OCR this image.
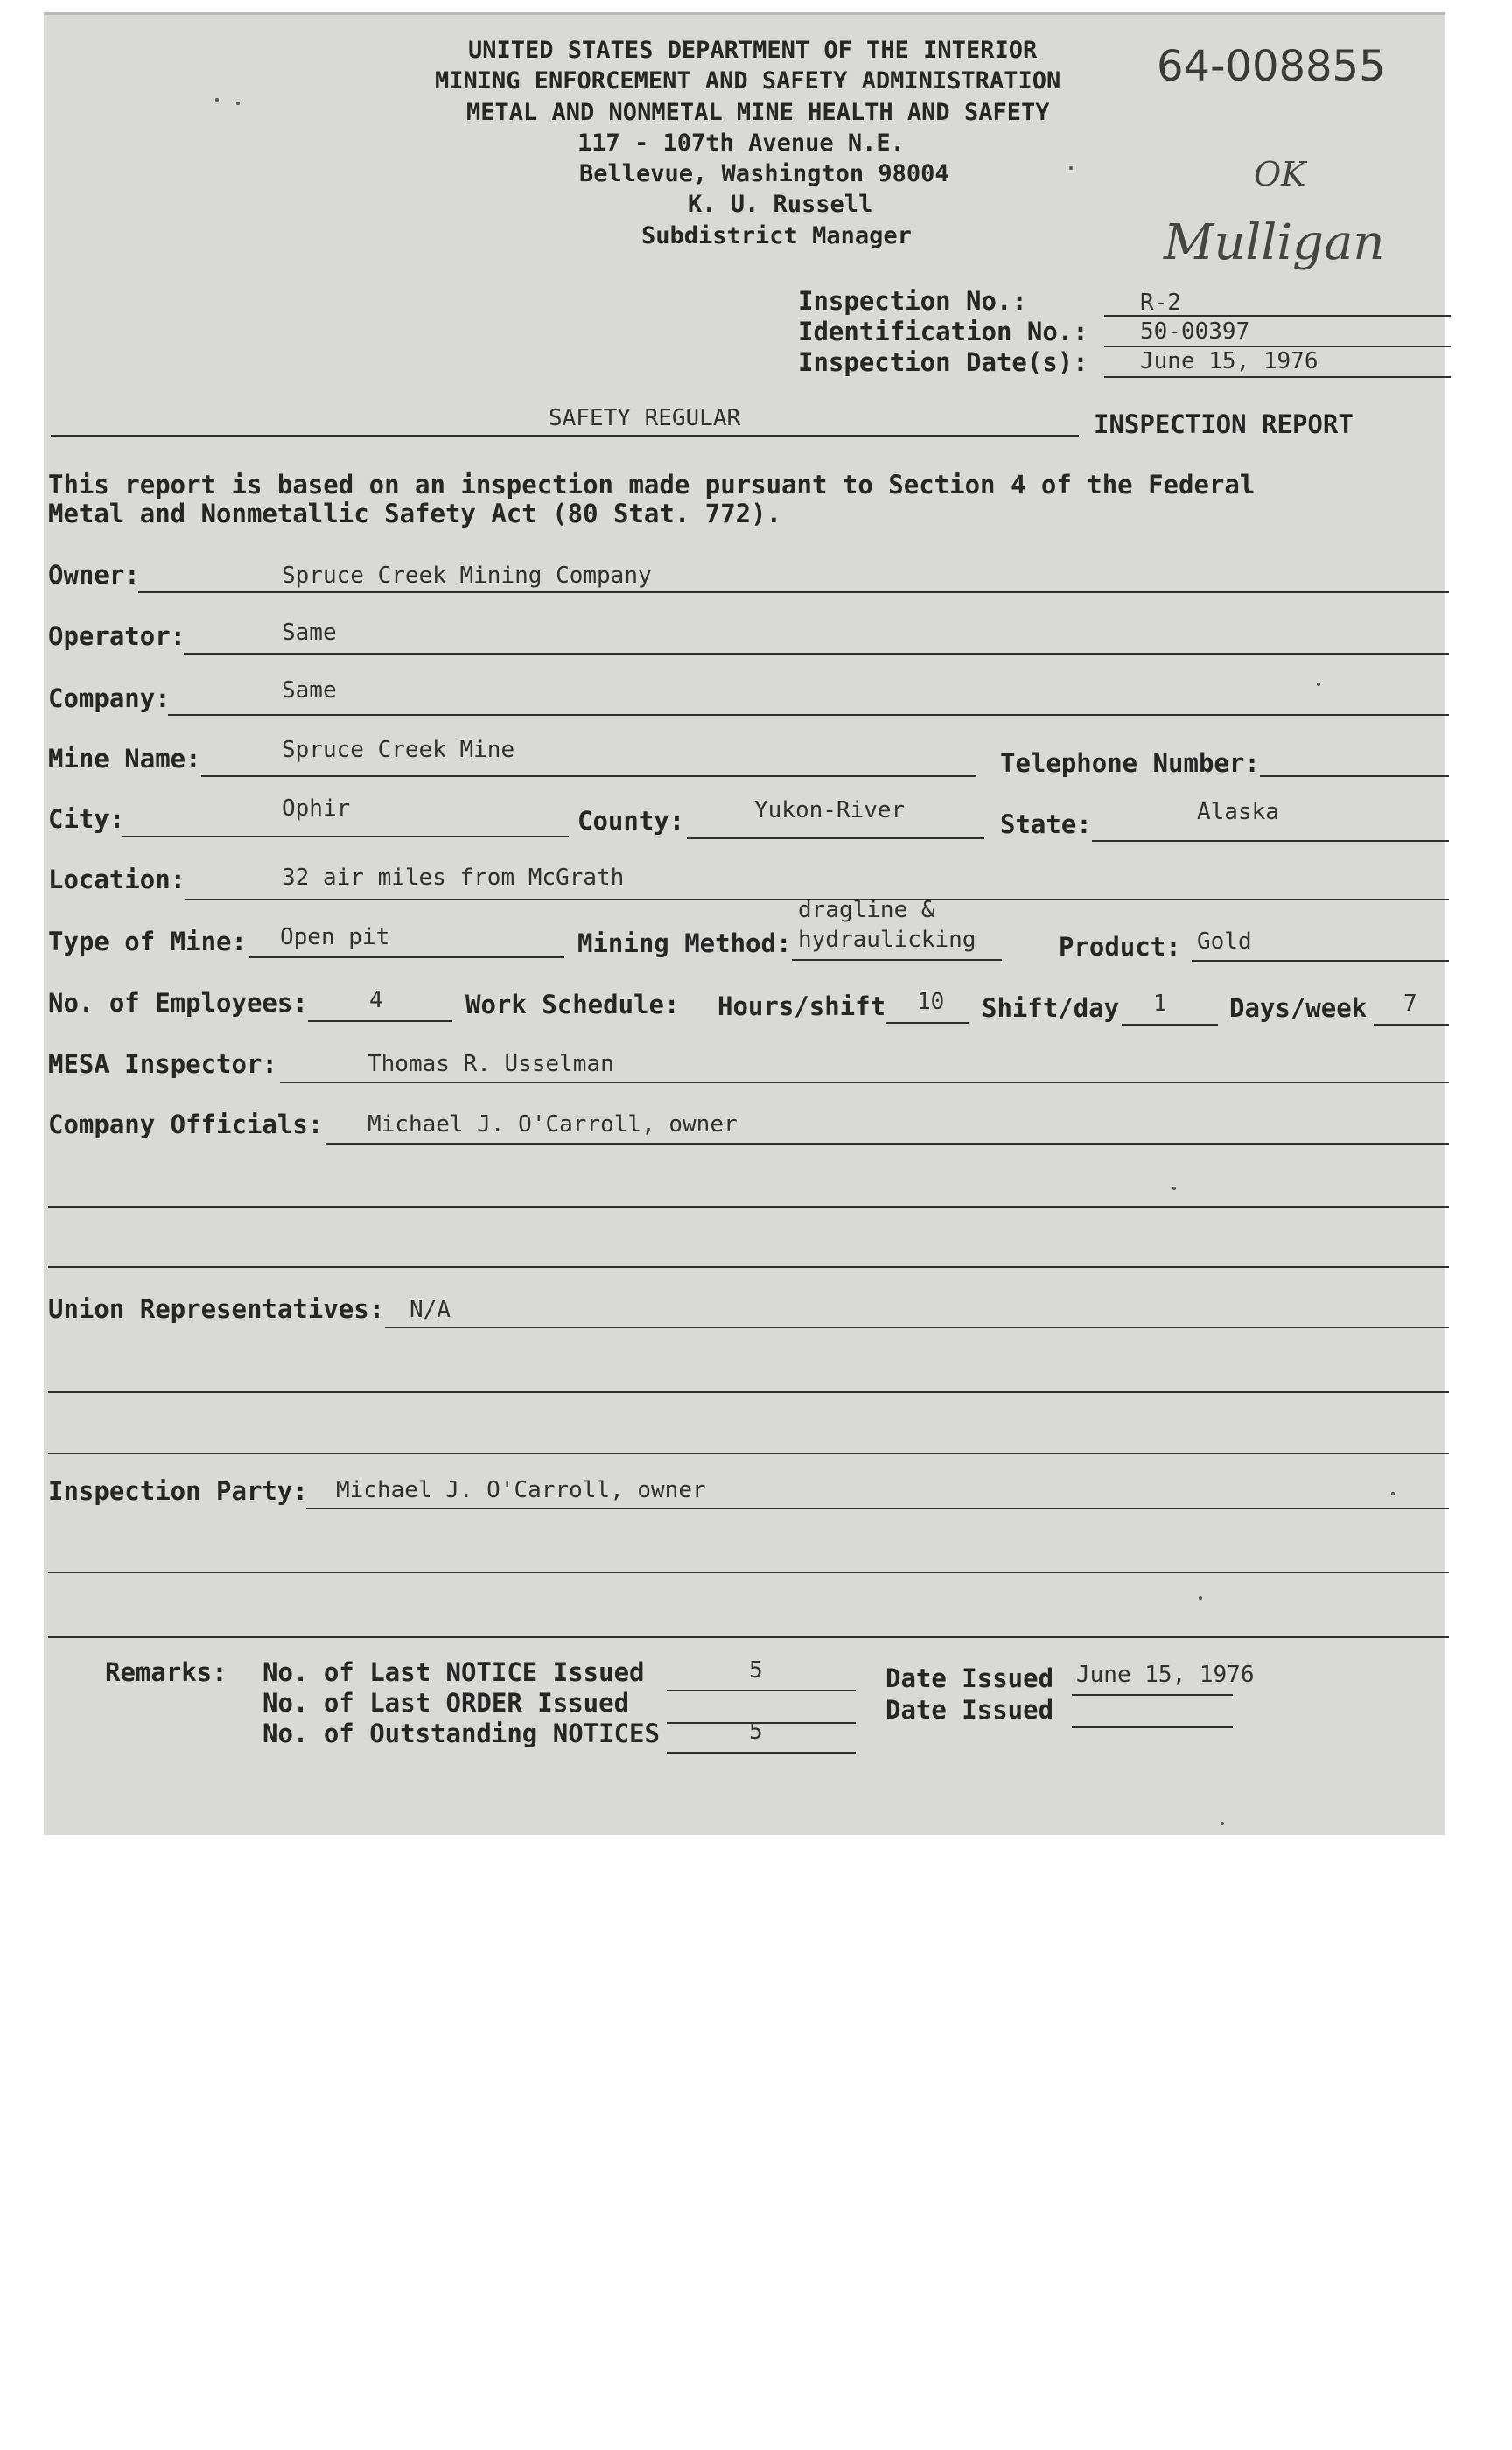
UNITED STATES DEPARTMENT OF THE INTERIOR
MINING ENFORCEMENT AND SAFETY ADMINISTRATION
METAL AND NONMETAL MINE HEALTH AND SAFETY
117 - 107th Avenue N.E.
Bellevue, Washington 98004
K. U. Russell
Subdistrict Manager
64-008855
OK
Mulligan
Inspection No.:	R-2
Identification No.: 50-00397
Inspection Date(s): June 15, 1976
SAFETY REGULAR	INSPECTION REPORT
This report is based on an inspection made pursuant to Section 4 of the Federal
Metal and Nonmetallic Safety Act (80 Stat. 772).
Owner:	Spruce Creek Mining Company
Operator:	Same
Company:	Same
Mine Name:	Spruce Creek Mine	Telephone Number:
City:	Ophir	County:	Yukon-River	State:	Alaska
Location:	32 air miles from McGrath
Type of Mine: Open pit	Mining Method:
dragline &
hydraulicking	Product: Gold
No. of Employees:	4	Work Schedule: Hours/shift 10 Shift/day 1 Days/week 7
MESA Inspector:	Thomas R. Usselman
Company Officials: Michael J. O'Carroll, owner
Union Representatives: N/A
Inspection Party: Michael J. O'Carroll, owner
Remarks: No. of Last NOTICE Issued	5	Date Issued June 15, 1976
No. of Last ORDER Issued	Date Issued
No. of Outstanding NOTICES	5
